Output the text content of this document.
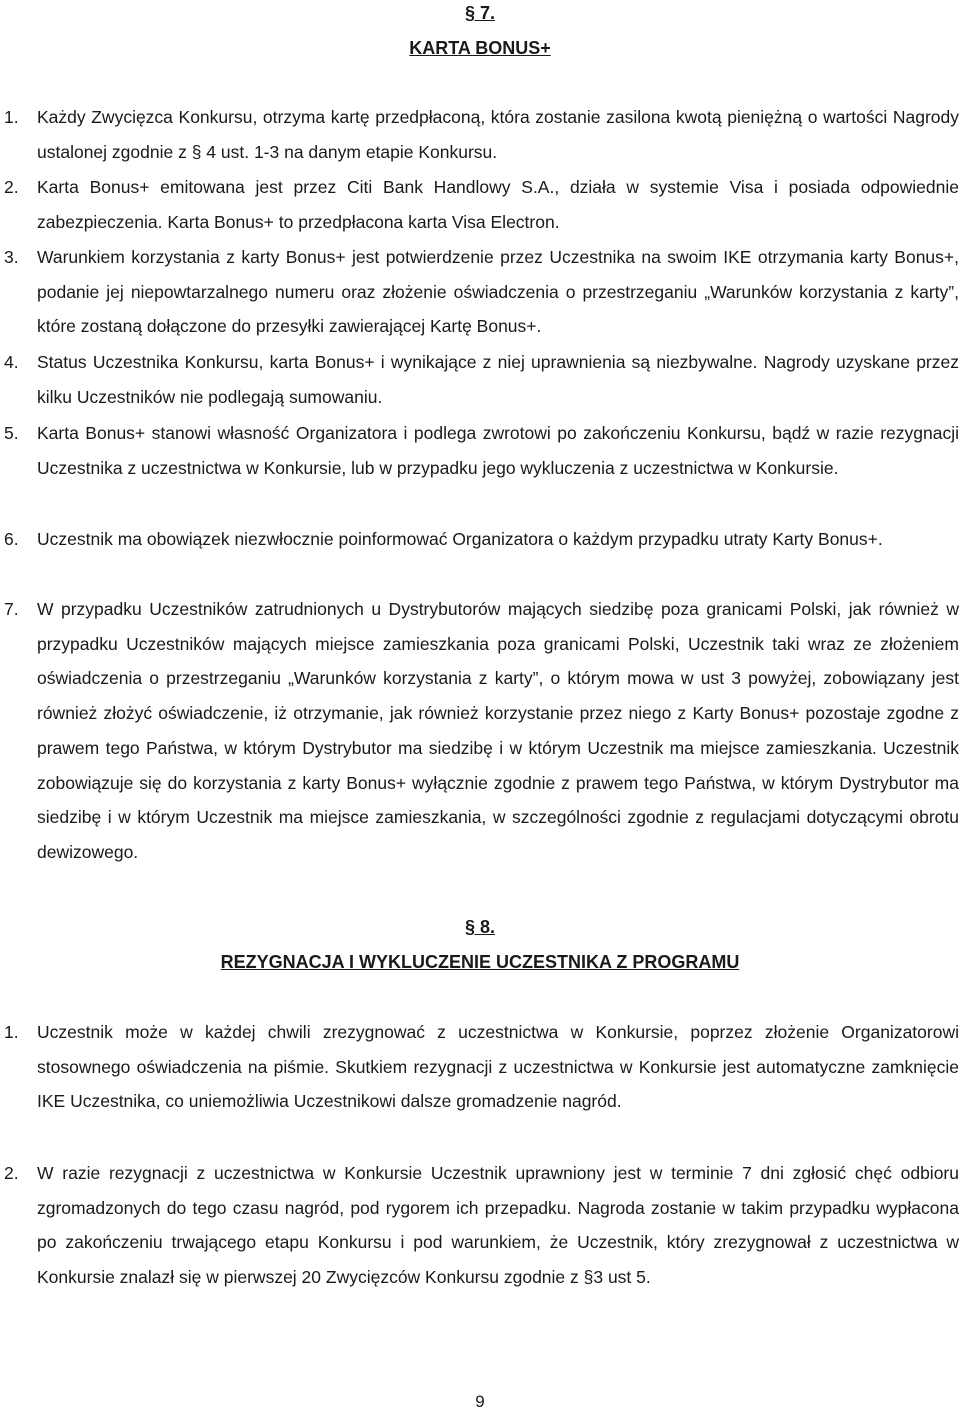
§ 7.
KARTA BONUS+
1. Każdy Zwycięzca Konkursu, otrzyma kartę przedpłaconą, która zostanie zasilona kwotą pieniężną o wartości Nagrody ustalonej zgodnie z § 4 ust. 1-3 na danym etapie Konkursu.
2. Karta Bonus+ emitowana jest przez Citi Bank Handlowy S.A., działa w systemie Visa i posiada odpowiednie zabezpieczenia. Karta Bonus+ to przedpłacona karta Visa Electron.
3. Warunkiem korzystania z karty Bonus+ jest potwierdzenie przez Uczestnika na swoim IKE otrzymania karty Bonus+, podanie jej niepowtarzalnego numeru oraz złożenie oświadczenia o przestrzeganiu „Warunków korzystania z karty”, które zostaną dołączone do przesyłki zawierającej Kartę Bonus+.
4. Status Uczestnika Konkursu, karta Bonus+ i wynikające z niej uprawnienia są niezbywalne. Nagrody uzyskane przez kilku Uczestników nie podlegają sumowaniu.
5. Karta Bonus+ stanowi własność Organizatora i podlega zwrotowi po zakończeniu Konkursu, bądź w razie rezygnacji Uczestnika z uczestnictwa w Konkursie, lub w przypadku jego wykluczenia z uczestnictwa w Konkursie.
6. Uczestnik ma obowiązek niezwłocznie poinformować Organizatora o każdym przypadku utraty Karty Bonus+.
7. W przypadku Uczestników zatrudnionych u Dystrybutorów mających siedzibę poza granicami Polski, jak również w przypadku Uczestników mających miejsce zamieszkania poza granicami Polski, Uczestnik taki wraz ze złożeniem oświadczenia o przestrzeganiu „Warunków korzystania z karty”, o którym mowa w ust 3 powyżej, zobowiązany jest również złożyć oświadczenie, iż otrzymanie, jak również korzystanie przez niego z Karty Bonus+ pozostaje zgodne z prawem tego Państwa, w którym Dystrybutor ma siedzibę i w którym Uczestnik ma miejsce zamieszkania. Uczestnik zobowiązuje się do korzystania z karty Bonus+ wyłącznie zgodnie z prawem tego Państwa, w którym Dystrybutor ma siedzibę i w którym Uczestnik ma miejsce zamieszkania, w szczególności zgodnie z regulacjami dotyczącymi obrotu dewizowego.
§ 8.
REZYGNACJA I WYKLUCZENIE UCZESTNIKA Z PROGRAMU
1. Uczestnik może w każdej chwili zrezygnować z uczestnictwa w Konkursie, poprzez złożenie Organizatorowi stosownego oświadczenia na piśmie. Skutkiem rezygnacji z uczestnictwa w Konkursie jest automatyczne zamknięcie IKE Uczestnika, co uniemożliwia Uczestnikowi dalsze gromadzenie nagród.
2. W razie rezygnacji z uczestnictwa w Konkursie Uczestnik uprawniony jest w terminie 7 dni zgłosić chęć odbioru zgromadzonych do tego czasu nagród, pod rygorem ich przepadku. Nagroda zostanie w takim przypadku wypłacona po zakończeniu trwającego etapu Konkursu i pod warunkiem, że Uczestnik, który zrezygnował z uczestnictwa w Konkursie znalazł się w pierwszej 20 Zwycięzców Konkursu zgodnie z §3 ust 5.
9
